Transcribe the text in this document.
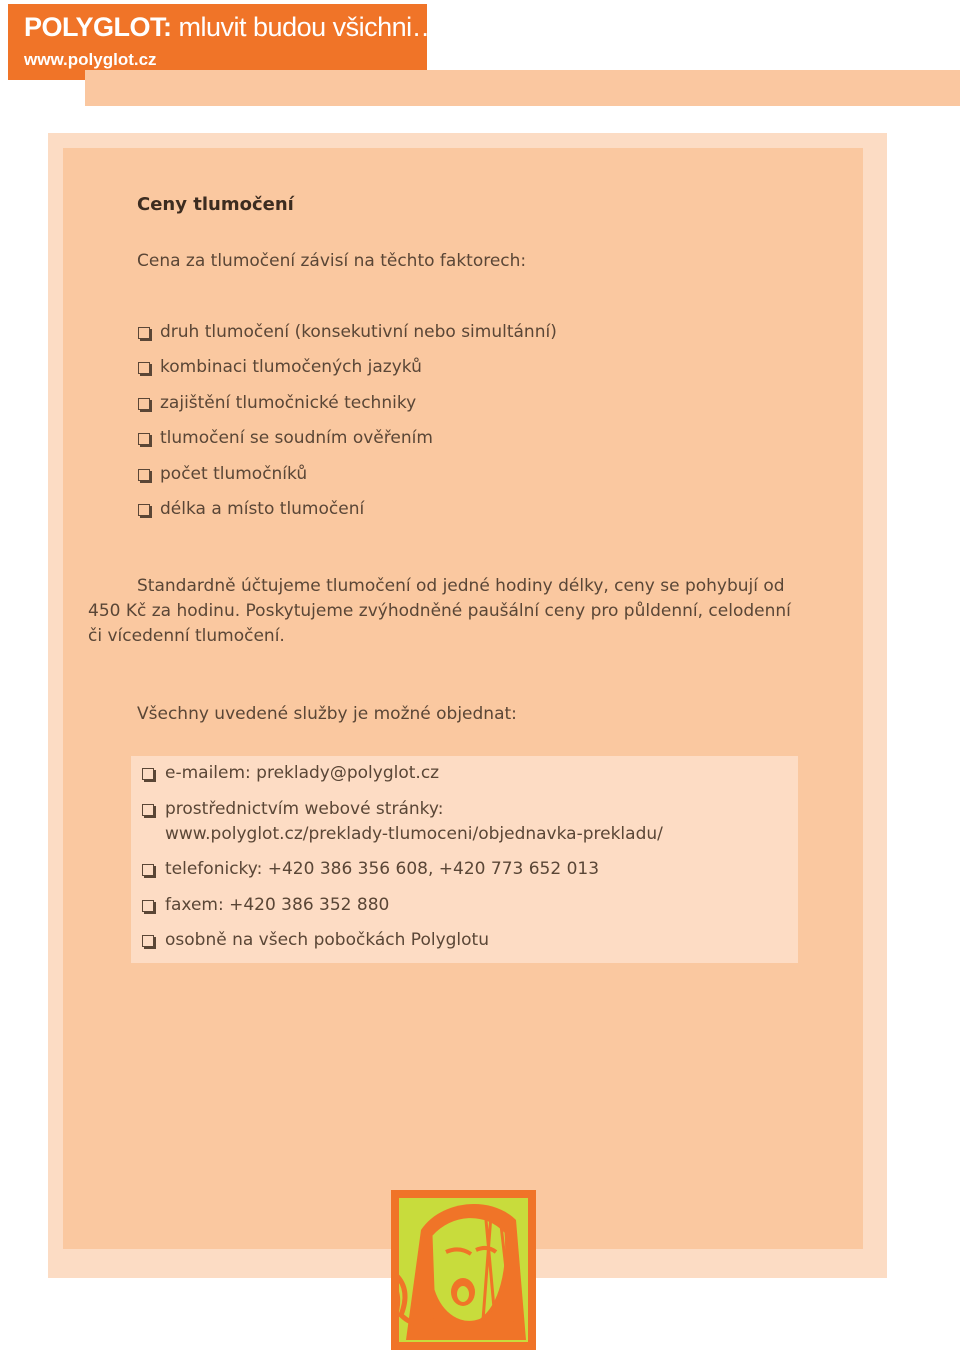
POLYGLOT: mluvit budou všichni…
www.polyglot.cz
Ceny tlumočení
Cena za tlumočení závisí na těchto faktorech:
druh tlumočení (konsekutivní nebo simultánní)
kombinaci tlumočených jazyků
zajištění tlumočnické techniky
tlumočení se soudním ověřením
počet tlumočníků
délka a místo tlumočení
Standardně účtujeme tlumočení od jedné hodiny délky, ceny se pohybují od 450 Kč za hodinu. Poskytujeme zvýhodněné paušální ceny pro půldenní, celodenní či vícedenní tlumočení.
Všechny uvedené služby je možné objednat:
e-mailem: preklady@polyglot.cz
prostřednictvím webové stránky:
www.polyglot.cz/preklady-tlumoceni/objednavka-prekladu/
telefonicky: +420 386 356 608, +420 773 652 013
faxem: +420 386 352 880
osobně na všech pobočkách Polyglotu
